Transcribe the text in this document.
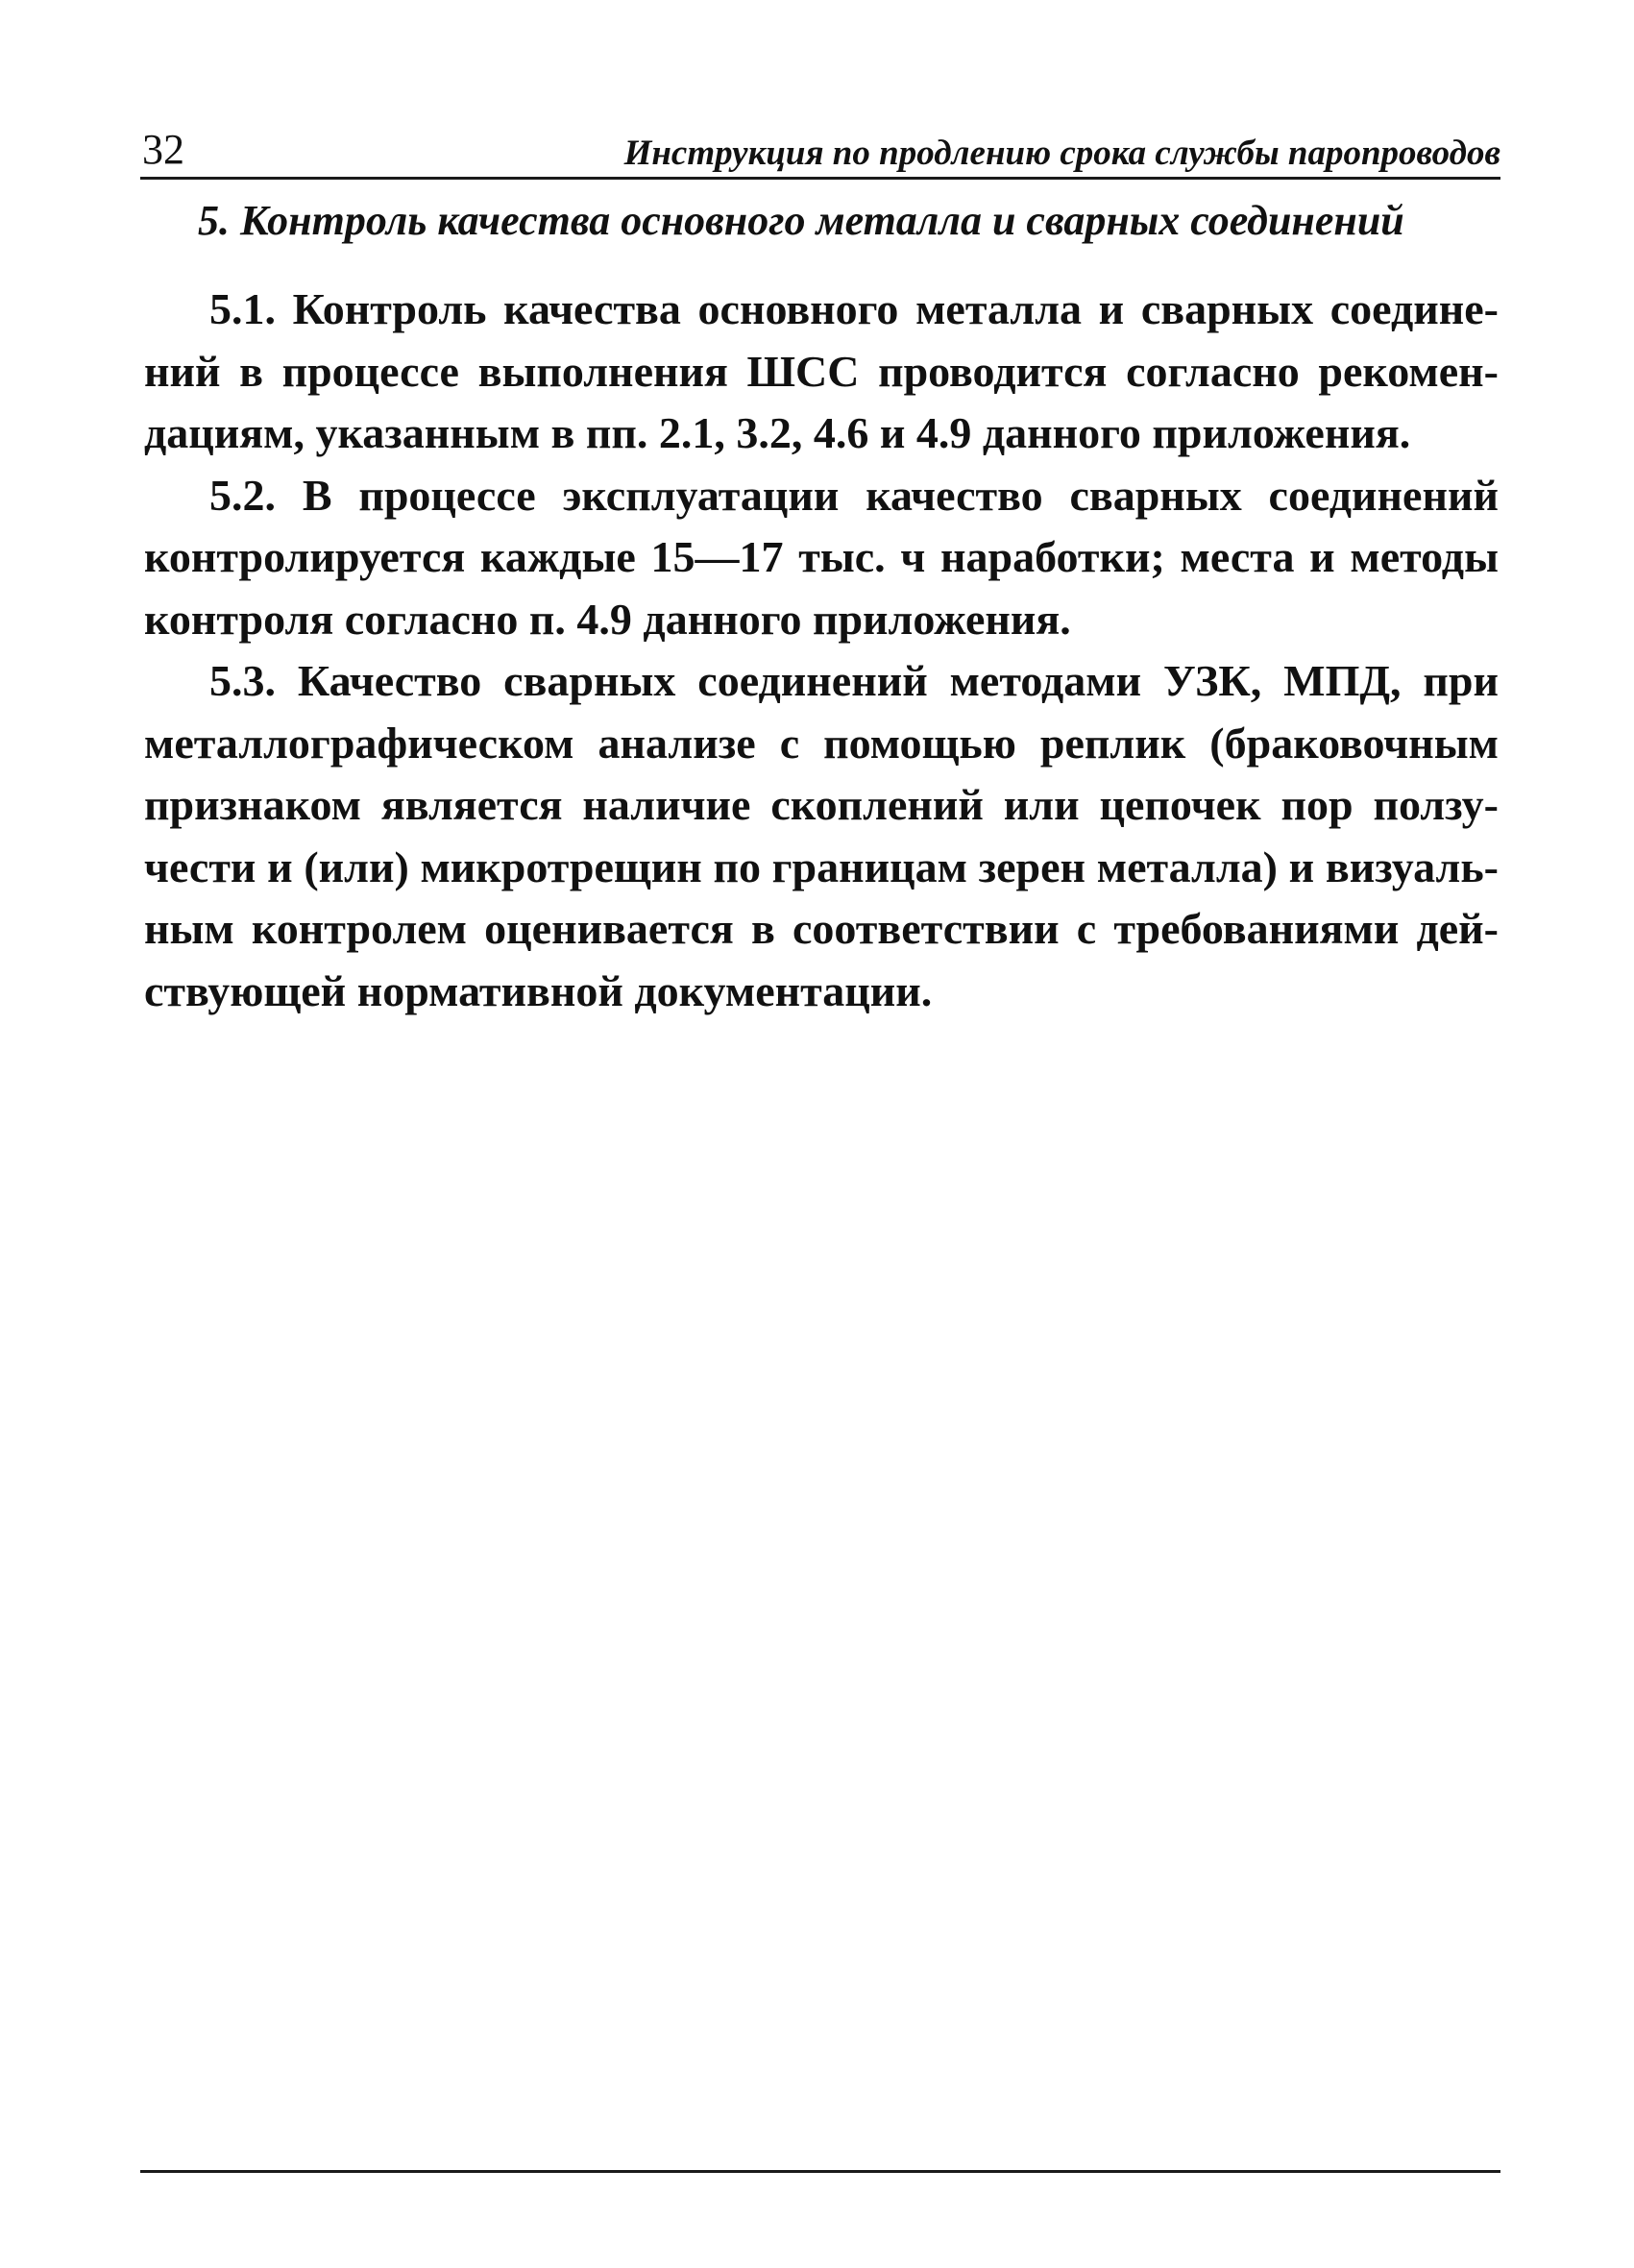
32	Инструкция по продлению срока службы паропроводов
5. Контроль качества основного металла и сварных соединений

5.1. Контроль качества основного металла и сварных соединений в процессе выполнения ШСС проводится согласно рекомендациям, указанным в пп. 2.1, 3.2, 4.6 и 4.9 данного приложения.

5.2. В процессе эксплуатации качество сварных соединений контролируется каждые 15—17 тыс. ч наработки; места и методы контроля согласно п. 4.9 данного приложения.

5.3. Качество сварных соединений методами УЗК, МПД, при металлографическом анализе с помощью реплик (браковочным признаком является наличие скоплений или цепочек пор ползучести и (или) микротрещин по границам зерен металла) и визуальным контролем оценивается в соответствии с требованиями действующей нормативной документации.
